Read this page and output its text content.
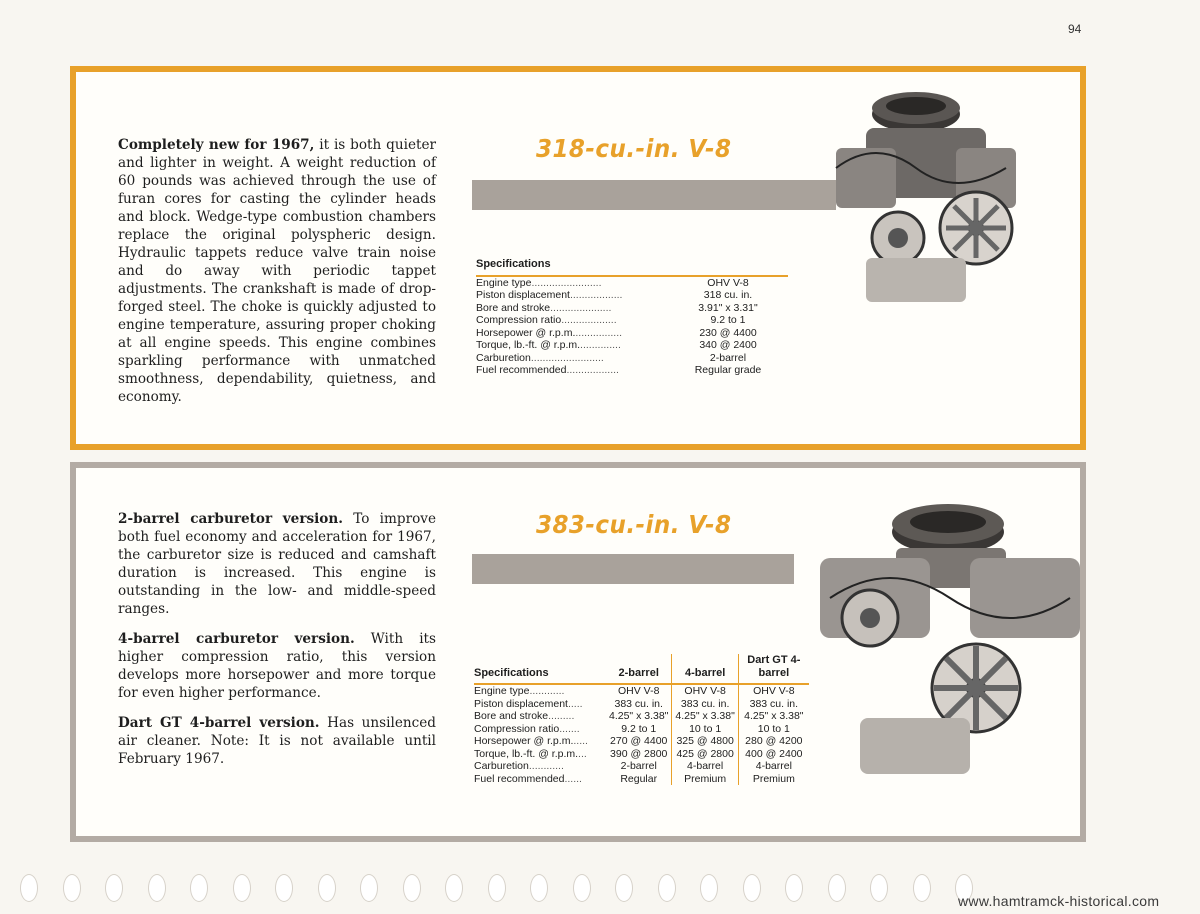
94

Completely new for 1967, it is both quieter and lighter in weight. A weight reduction of 60 pounds was achieved through the use of furan cores for casting the cylinder heads and block. Wedge-type combustion chambers replace the original polyspheric design. Hydraulic tappets reduce valve train noise and do away with periodic tappet adjustments. The crankshaft is made of drop-forged steel. The choke is quickly adjusted to engine temperature, assuring proper choking at all engine speeds. This engine combines sparkling performance with unmatched smoothness, dependability, quietness, and economy.

318-cu.-in. V-8
Specifications	
Engine type........................	OHV V-8
Piston displacement..................	318 cu. in.
Bore and stroke.....................	3.91" x 3.31"
Compression ratio...................	9.2 to 1
Horsepower @ r.p.m.................	230 @ 4400
Torque, lb.-ft. @ r.p.m...............	340 @ 2400
Carburetion.........................	2-barrel
Fuel recommended..................	Regular grade

2-barrel carburetor version. To improve both fuel economy and acceleration for 1967, the carburetor size is reduced and camshaft duration is increased. This engine is outstanding in the low- and middle-speed ranges.

4-barrel carburetor version. With its higher compression ratio, this version develops more horsepower and more torque for even higher performance.

Dart GT 4-barrel version. Has unsilenced air cleaner. Note: It is not available until February 1967.

383-cu.-in. V-8
Specifications	2-barrel	4-barrel	Dart GT 4-barrel
Engine type............	OHV V-8	OHV V-8	OHV V-8
Piston displacement.....	383 cu. in.	383 cu. in.	383 cu. in.
Bore and stroke.........	4.25" x 3.38"	4.25" x 3.38"	4.25" x 3.38"
Compression ratio.......	9.2 to 1	10 to 1	10 to 1
Horsepower @ r.p.m......	270 @ 4400	325 @ 4800	280 @ 4200
Torque, lb.-ft. @ r.p.m....	390 @ 2800	425 @ 2800	400 @ 2400
Carburetion............	2-barrel	4-barrel	4-barrel
Fuel recommended......	Regular	Premium	Premium
www.hamtramck-historical.com
